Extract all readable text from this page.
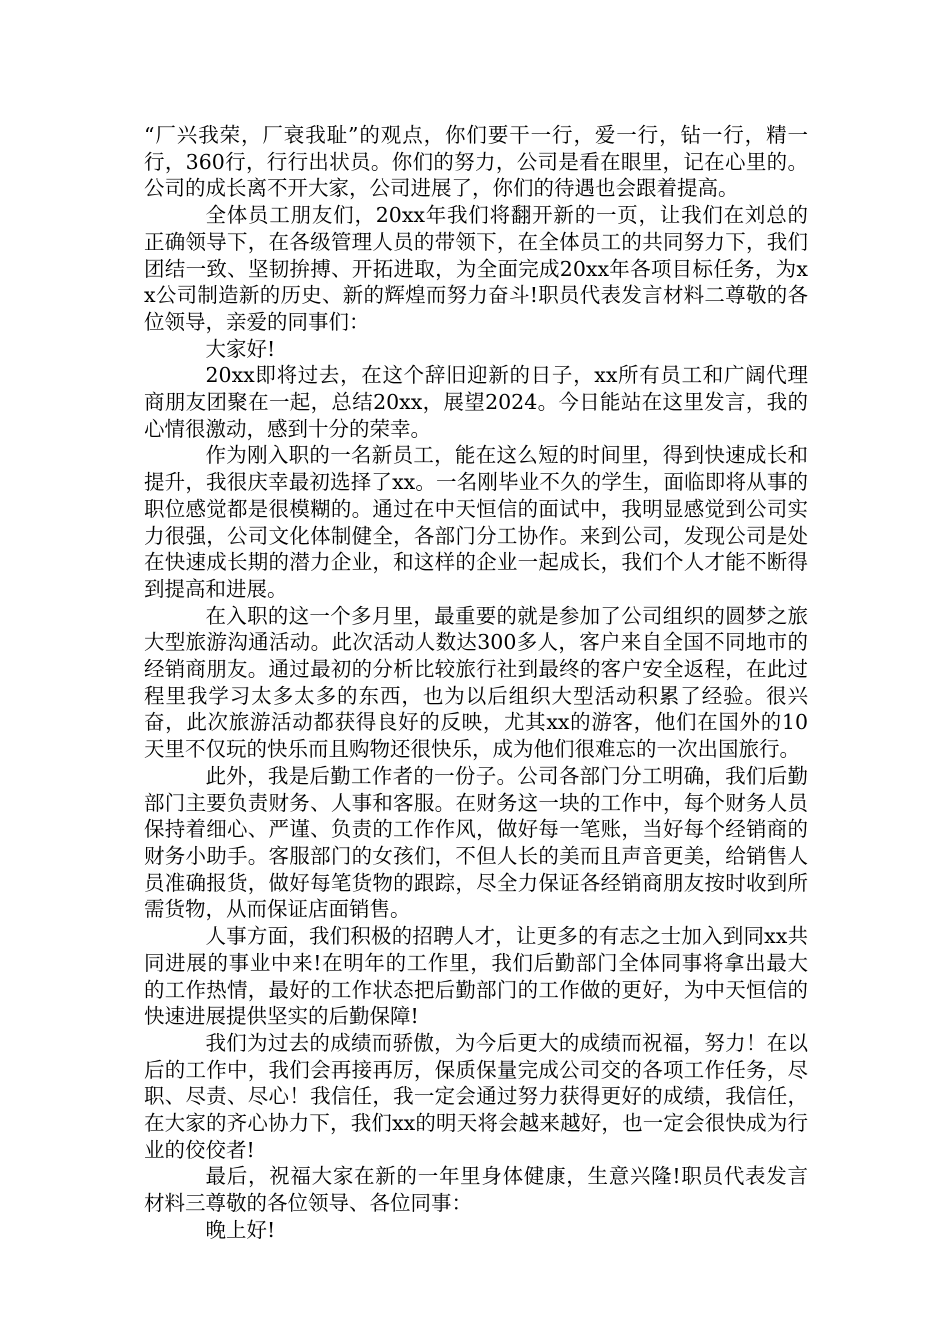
“厂兴我荣，厂衰我耻”的观点，你们要干一行，爱一行，钻一行，精一行，360行，行行出状员。你们的努力，公司是看在眼里，记在心里的。公司的成长离不开大家，公司进展了，你们的待遇也会跟着提高。

全体员工朋友们，20xx年我们将翻开新的一页，让我们在刘总的正确领导下，在各级管理人员的带领下，在全体员工的共同努力下，我们团结一致、坚韧拚搏、开拓进取，为全面完成20xx年各项目标任务，为xx公司制造新的历史、新的辉煌而努力奋斗!职员代表发言材料二尊敬的各位领导，亲爱的同事们：

大家好!

20xx即将过去，在这个辞旧迎新的日子，xx所有员工和广阔代理商朋友团聚在一起，总结20xx，展望2024。今日能站在这里发言，我的心情很激动，感到十分的荣幸。

作为刚入职的一名新员工，能在这么短的时间里，得到快速成长和提升，我很庆幸最初选择了xx。一名刚毕业不久的学生，面临即将从事的职位感觉都是很模糊的。通过在中天恒信的面试中，我明显感觉到公司实力很强，公司文化体制健全，各部门分工协作。来到公司，发现公司是处在快速成长期的潜力企业，和这样的企业一起成长，我们个人才能不断得到提高和进展。

在入职的这一个多月里，最重要的就是参加了公司组织的圆梦之旅大型旅游沟通活动。此次活动人数达300多人，客户来自全国不同地市的经销商朋友。通过最初的分析比较旅行社到最终的客户安全返程，在此过程里我学习太多太多的东西，也为以后组织大型活动积累了经验。很兴奋，此次旅游活动都获得良好的反映，尤其xx的游客，他们在国外的10天里不仅玩的快乐而且购物还很快乐，成为他们很难忘的一次出国旅行。

此外，我是后勤工作者的一份子。公司各部门分工明确，我们后勤部门主要负责财务、人事和客服。在财务这一块的工作中，每个财务人员保持着细心、严谨、负责的工作作风，做好每一笔账，当好每个经销商的财务小助手。客服部门的女孩们，不但人长的美而且声音更美，给销售人员准确报货，做好每笔货物的跟踪，尽全力保证各经销商朋友按时收到所需货物，从而保证店面销售。

人事方面，我们积极的招聘人才，让更多的有志之士加入到同xx共同进展的事业中来!在明年的工作里，我们后勤部门全体同事将拿出最大的工作热情，最好的工作状态把后勤部门的工作做的更好，为中天恒信的快速进展提供坚实的后勤保障!

我们为过去的成绩而骄傲，为今后更大的成绩而祝福，努力！在以后的工作中，我们会再接再厉，保质保量完成公司交的各项工作任务，尽职、尽责、尽心！我信任，我一定会通过努力获得更好的成绩，我信任，在大家的齐心协力下，我们xx的明天将会越来越好，也一定会很快成为行业的佼佼者!

最后，祝福大家在新的一年里身体健康，生意兴隆!职员代表发言材料三尊敬的各位领导、各位同事：

晚上好!
